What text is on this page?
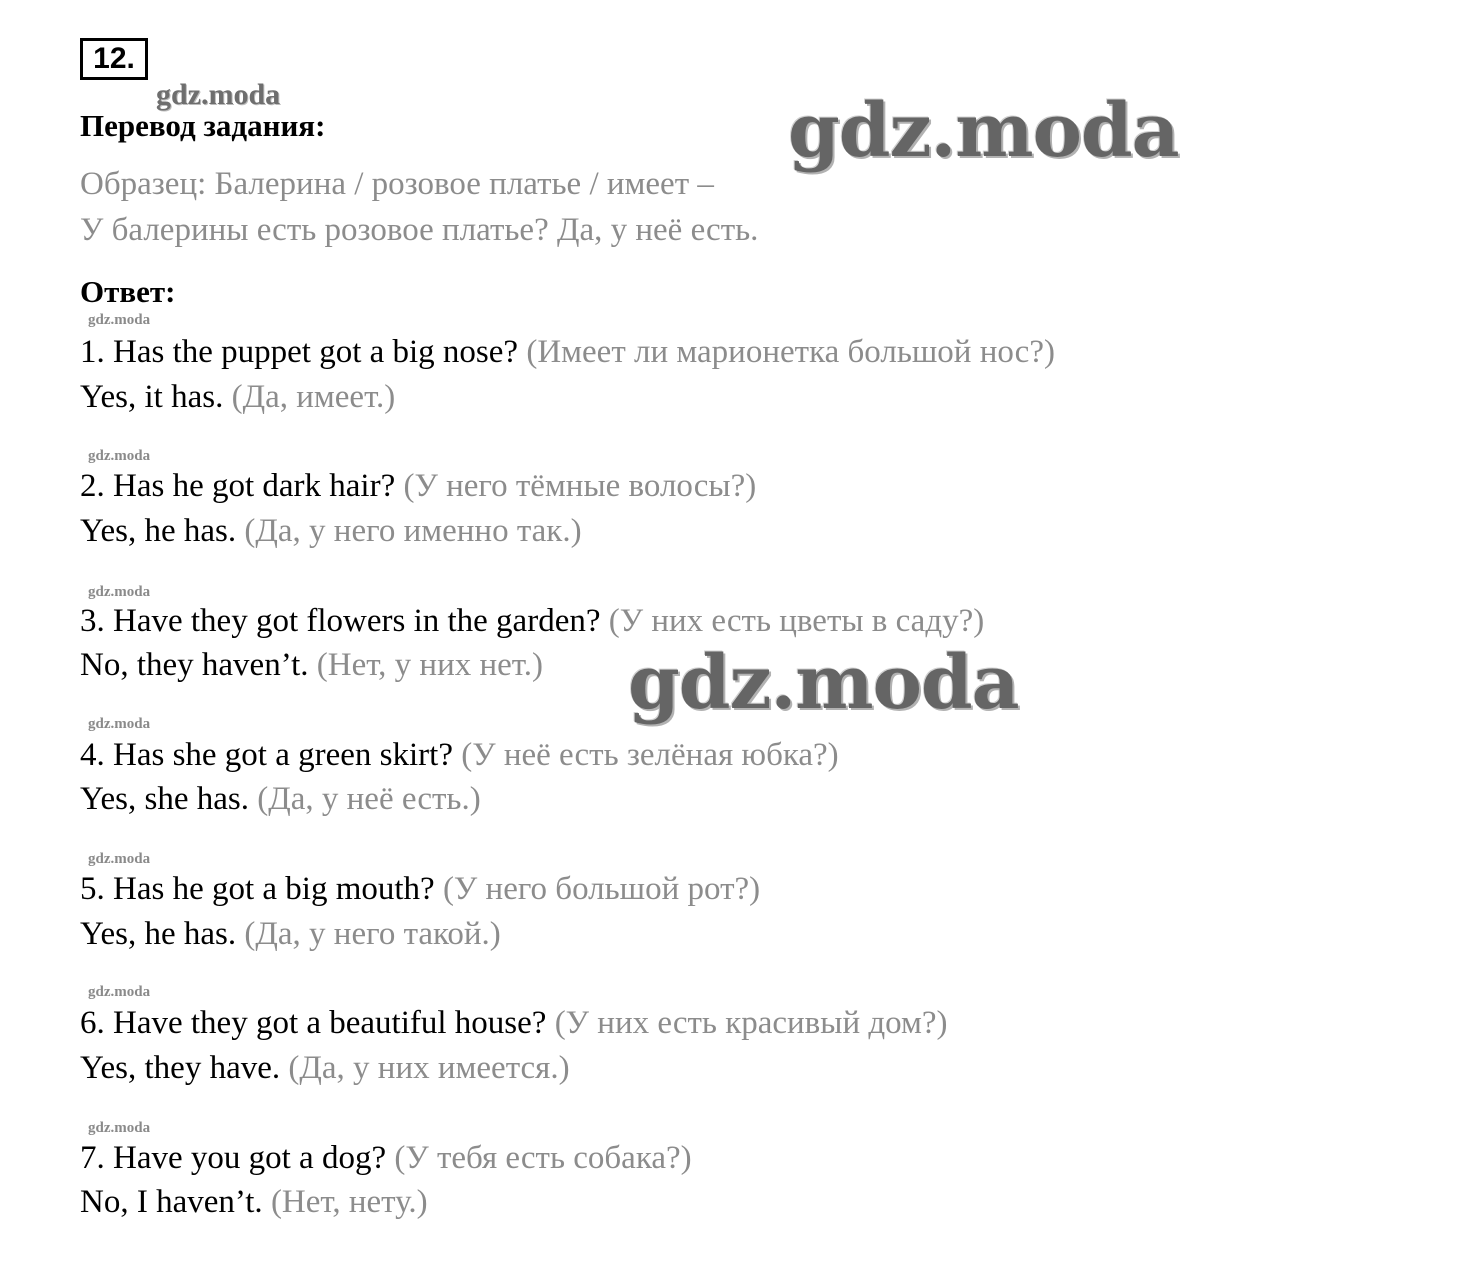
12.
gdz.moda
Перевод задания:	gdz.moda
Образец: Балерина / розовое платье / имеет –
У балерины есть розовое платье? Да, у неё есть.
Ответ:
gdz.moda
1. Has the puppet got a big nose? (Имеет ли марионетка большой нос?)
Yes, it has. (Да, имеет.)
gdz.moda
2. Has he got dark hair? (У него тёмные волосы?)
Yes, he has. (Да, у него именно так.)
gdz.moda
3. Have they got flowers in the garden? (У них есть цветы в саду?)
No, they haven’t. (Нет, у них нет.) gdz.moda
gdz.moda
4. Has she got a green skirt? (У неё есть зелёная юбка?)
Yes, she has. (Да, у неё есть.)
gdz.moda
5. Has he got a big mouth? (У него большой рот?)
Yes, he has. (Да, у него такой.)
gdz.moda
6. Have they got a beautiful house? (У них есть красивый дом?)
Yes, they have. (Да, у них имеется.)
gdz.moda
7. Have you got a dog? (У тебя есть собака?)
No, I haven’t. (Нет, нету.)
